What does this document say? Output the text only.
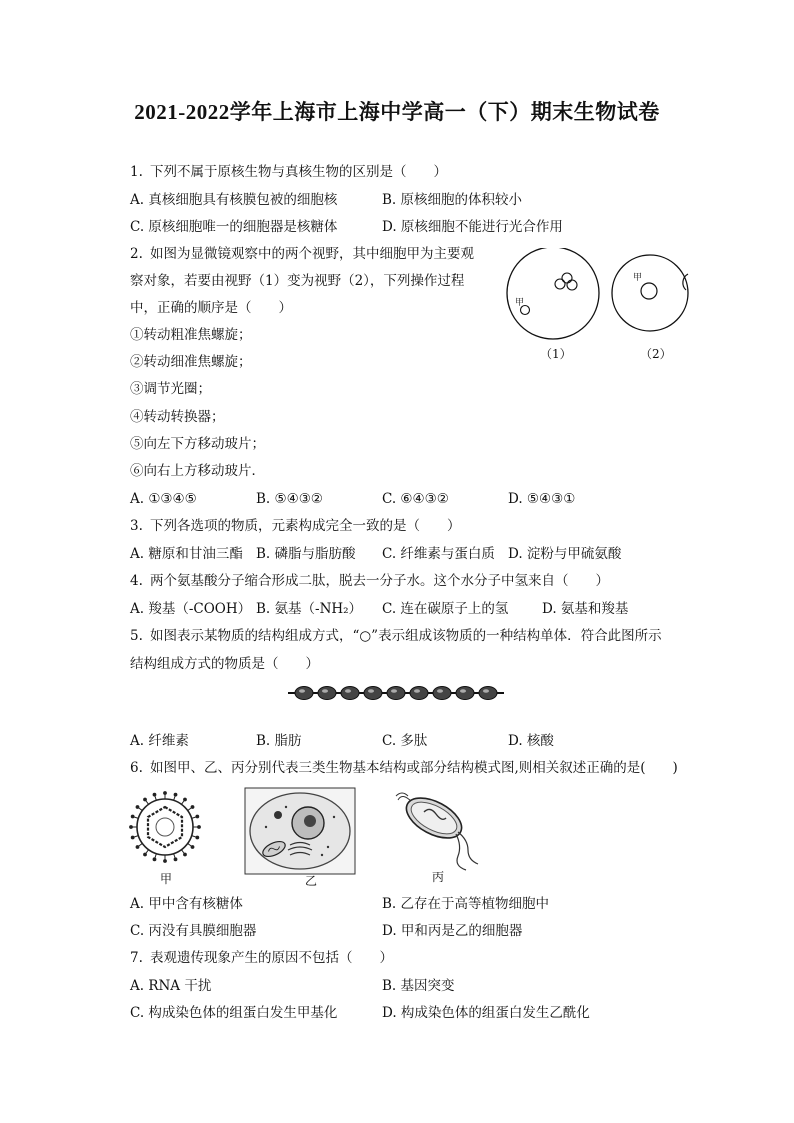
2021-2022学年上海市上海中学高一（下）期末生物试卷
1. 下列不属于原核生物与真核生物的区别是（　　）
A. 真核细胞具有核膜包被的细胞核	B. 原核细胞的体积较小
C. 原核细胞唯一的细胞器是核糖体	D. 原核细胞不能进行光合作用
2. 如图为显微镜观察中的两个视野，其中细胞甲为主要观
察对象，若要由视野（1）变为视野（2），下列操作过程
中，正确的顺序是（　　）
①转动粗准焦螺旋；
②转动细准焦螺旋；
③调节光圈；
④转动转换器；
⑤向左下方移动玻片；
⑥向右上方移动玻片．
A. ①③④⑤	B. ⑤④③②	C. ⑥④③②	D. ⑤④③①
甲
甲
（1）	（2）
3. 下列各选项的物质，元素构成完全一致的是（　　）
A. 糖原和甘油三酯 B. 磷脂与脂肪酸 C. 纤维素与蛋白质 D. 淀粉与甲硫氨酸
4. 两个氨基酸分子缩合形成二肽，脱去一分子水。这个水分子中氢来自（　　）
A. 羧基（-COOH） B. 氨基（-NH₂） C. 连在碳原子上的氢 D. 氨基和羧基
5. 如图表示某物质的结构组成方式，“○”表示组成该物质的一种结构单体．符合此图所示
结构组成方式的物质是（　　）
A. 纤维素	B. 脂肪	C. 多肽	D. 核酸
6. 如图甲、乙、丙分别代表三类生物基本结构或部分结构模式图,则相关叙述正确的是(　　)
甲	乙	丙
A. 甲中含有核糖体	B. 乙存在于高等植物细胞中
C. 丙没有具膜细胞器	D. 甲和丙是乙的细胞器
7. 表观遗传现象产生的原因不包括（　　）
A. RNA 干扰	B. 基因突变
C. 构成染色体的组蛋白发生甲基化	D. 构成染色体的组蛋白发生乙酰化
